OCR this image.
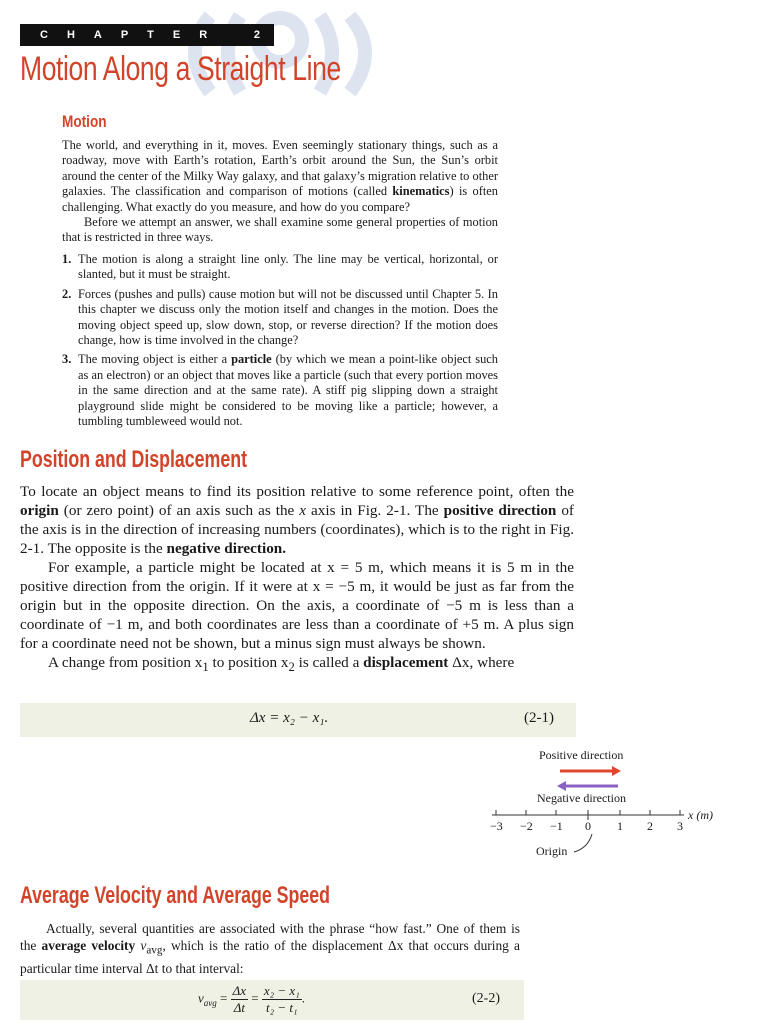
CHAPTER	2
Motion Along a Straight Line
Motion

The world, and everything in it, moves. Even seemingly stationary things, such as a roadway, move with Earth’s rotation, Earth’s orbit around the Sun, the Sun’s orbit around the center of the Milky Way galaxy, and that galaxy’s migration relative to other galaxies. The classification and comparison of motions (called kinematics) is often challenging. What exactly do you measure, and how do you compare?

Before we attempt an answer, we shall examine some general properties of motion that is restricted in three ways.

1. The motion is along a straight line only. The line may be vertical, horizontal, or slanted, but it must be straight.
2. Forces (pushes and pulls) cause motion but will not be discussed until Chapter 5. In this chapter we discuss only the motion itself and changes in the motion. Does the moving object speed up, slow down, stop, or reverse direction? If the motion does change, how is time involved in the change?
3. The moving object is either a particle (by which we mean a point-like object such as an electron) or an object that moves like a particle (such that every portion moves in the same direction and at the same rate). A stiff pig slipping down a straight playground slide might be considered to be moving like a particle; however, a tumbling tumbleweed would not.
Position and Displacement

To locate an object means to find its position relative to some reference point, often the origin (or zero point) of an axis such as the x axis in Fig. 2-1. The positive direction of the axis is in the direction of increasing numbers (coordinates), which is to the right in Fig. 2-1. The opposite is the negative direction.

For example, a particle might be located at x = 5 m, which means it is 5 m in the positive direction from the origin. If it were at x = −5 m, it would be just as far from the origin but in the opposite direction. On the axis, a coordinate of −5 m is less than a coordinate of −1 m, and both coordinates are less than a coordinate of +5 m. A plus sign for a coordinate need not be shown, but a minus sign must always be shown.

A change from position $x_1$ to position $x_2$ is called a displacement Δx, where

Δx = x₂ − x₁.	(2-1)
Positive direction
Negative direction
−3 −2 −1 0 1 2 3
x (m)
Origin
Average Velocity and Average Speed

Actually, several quantities are associated with the phrase “how fast.” One of them is the average velocity $v_{avg}$, which is the ratio of the displacement Δx that occurs during a particular time interval Δt to that interval:

$v_{avg} = \frac{\Delta x}{\Delta t} = \frac{\text{x₂ − x₁}}{\text{t₂ − t₁}}$ .	(2-2)
